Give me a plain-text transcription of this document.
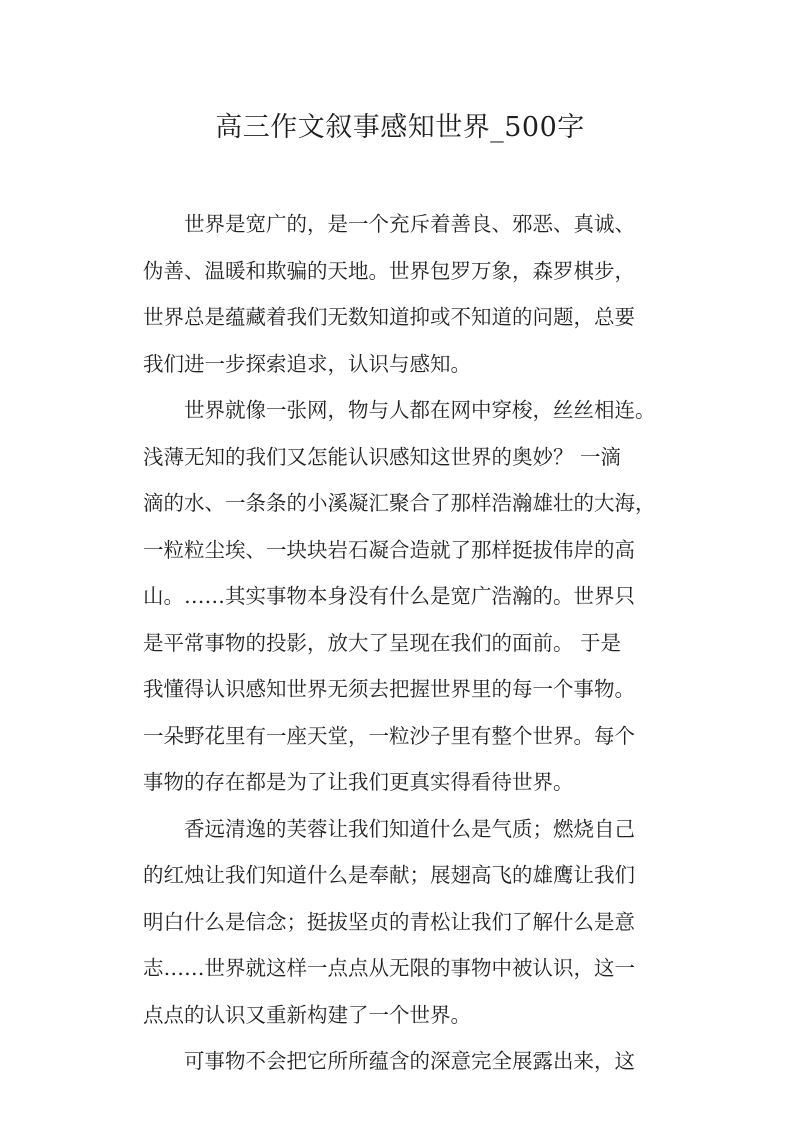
高三作文叙事感知世界_500字
世界是宽广的，是一个充斥着善良、邪恶、真诚、
伪善、温暖和欺骗的天地。世界包罗万象，森罗棋步，
世界总是蕴藏着我们无数知道抑或不知道的问题，总要
我们进一步探索追求，认识与感知。
世界就像一张网，物与人都在网中穿梭，丝丝相连。
浅薄无知的我们又怎能认识感知这世界的奥妙？ 一滴
滴的水、一条条的小溪凝汇聚合了那样浩瀚雄壮的大海，
一粒粒尘埃、一块块岩石凝合造就了那样挺拔伟岸的高
山。……其实事物本身没有什么是宽广浩瀚的。世界只
是平常事物的投影，放大了呈现在我们的面前。 于是
我懂得认识感知世界无须去把握世界里的每一个事物。
一朵野花里有一座天堂，一粒沙子里有整个世界。每个
事物的存在都是为了让我们更真实得看待世界。
香远清逸的芙蓉让我们知道什么是气质；燃烧自己
的红烛让我们知道什么是奉献；展翅高飞的雄鹰让我们
明白什么是信念；挺拔坚贞的青松让我们了解什么是意
志……世界就这样一点点从无限的事物中被认识，这一
点点的认识又重新构建了一个世界。
可事物不会把它所所蕴含的深意完全展露出来，这
